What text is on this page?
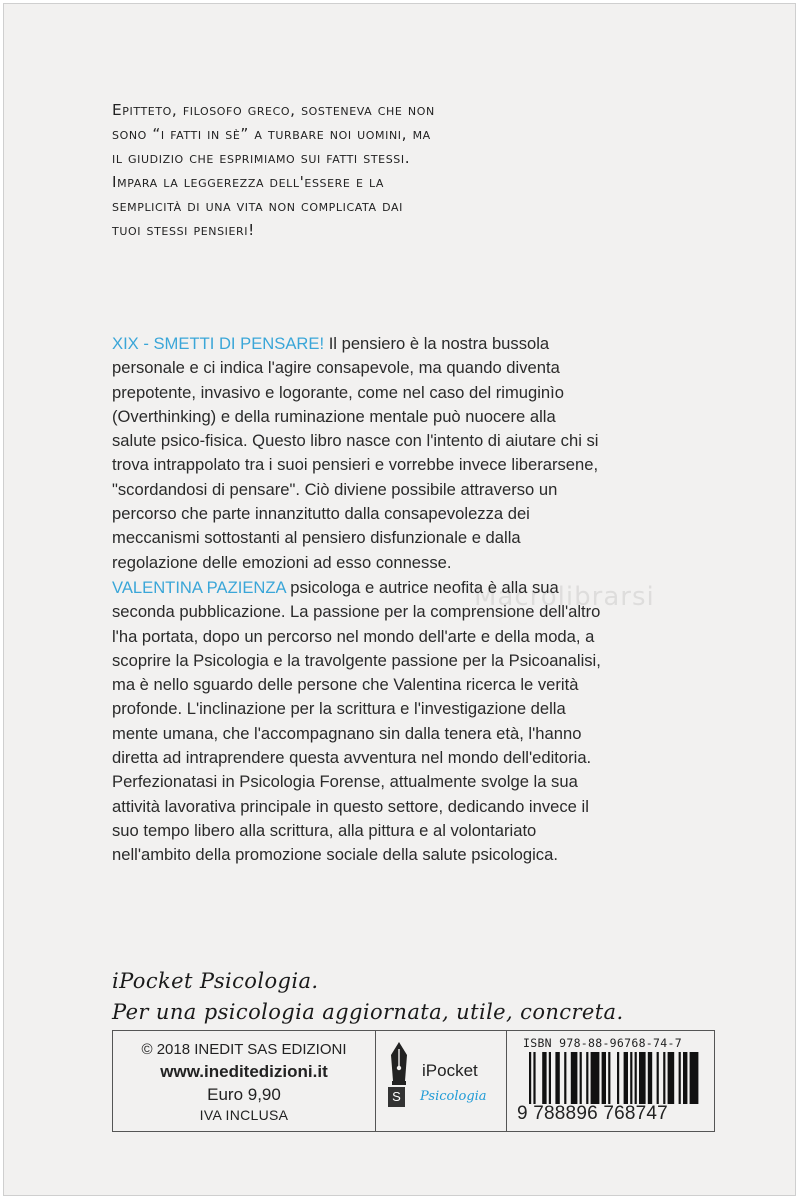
Epitteto, filosofo greco, sosteneva che non
sono “i fatti in sè” a turbare noi uomini, ma
il giudizio che esprimiamo sui fatti stessi.
Impara la leggerezza dell'essere e la
semplicità di una vita non complicata dai
tuoi stessi pensieri!
XIX - SMETTI DI PENSARE! Il pensiero è la nostra bussola
personale e ci indica l'agire consapevole, ma quando diventa
prepotente, invasivo e logorante, come nel caso del rimuginìo
(Overthinking) e della ruminazione mentale può nuocere alla
salute psico-fisica. Questo libro nasce con l'intento di aiutare chi si
trova intrappolato tra i suoi pensieri e vorrebbe invece liberarsene,
"scordandosi di pensare". Ciò diviene possibile attraverso un
percorso che parte innanzitutto dalla consapevolezza dei
meccanismi sottostanti al pensiero disfunzionale e dalla
regolazione delle emozioni ad esso connesse.
Macrolibrarsi
VALENTINA PAZIENZA psicologa e autrice neofita è alla sua
seconda pubblicazione. La passione per la comprensione dell'altro
l'ha portata, dopo un percorso nel mondo dell'arte e della moda, a
scoprire la Psicologia e la travolgente passione per la Psicoanalisi,
ma è nello sguardo delle persone che Valentina ricerca le verità
profonde. L'inclinazione per la scrittura e l'investigazione della
mente umana, che l'accompagnano sin dalla tenera età, l'hanno
diretta ad intraprendere questa avventura nel mondo dell'editoria.
Perfezionatasi in Psicologia Forense, attualmente svolge la sua
attività lavorativa principale in questo settore, dedicando invece il
suo tempo libero alla scrittura, alla pittura e al volontariato
nell'ambito della promozione sociale della salute psicologica.
iPocket Psicologia.
Per una psicologia aggiornata, utile, concreta.
© 2018 INEDIT SAS EDIZIONI
www.ineditedizioni.it
Euro 9,90
IVA INCLUSA
iPocket
S	Psicologia
ISBN 978-88-96768-74-7
9 788896 768747
